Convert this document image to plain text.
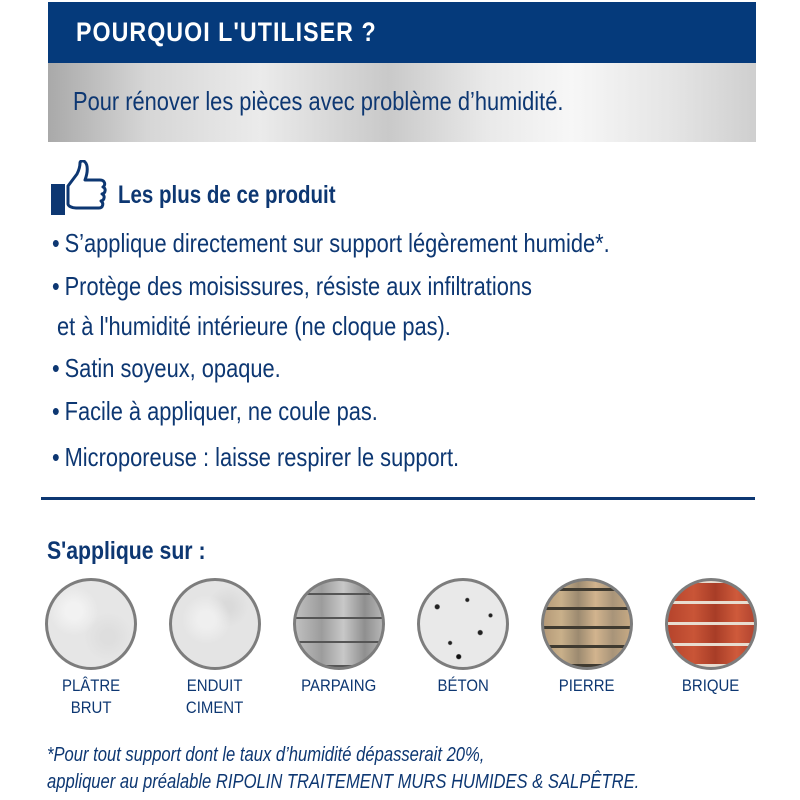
POURQUOI L'UTILISER ?
Pour rénover les pièces avec problème d’humidité.
Les plus de ce produit
• S’applique directement sur support légèrement humide*.
• Protège des moisissures, résiste aux infiltrations
et à l'humidité intérieure (ne cloque pas).
• Satin soyeux, opaque.
• Facile à appliquer, ne coule pas.
• Microporeuse : laisse respirer le support.
S'applique sur :
PLÂTRE
BRUT
ENDUIT
CIMENT
PARPAING	BÉTON	PIERRE	BRIQUE
*Pour tout support dont le taux d’humidité dépasserait 20%,
appliquer au préalable RIPOLIN TRAITEMENT MURS HUMIDES & SALPÊTRE.
